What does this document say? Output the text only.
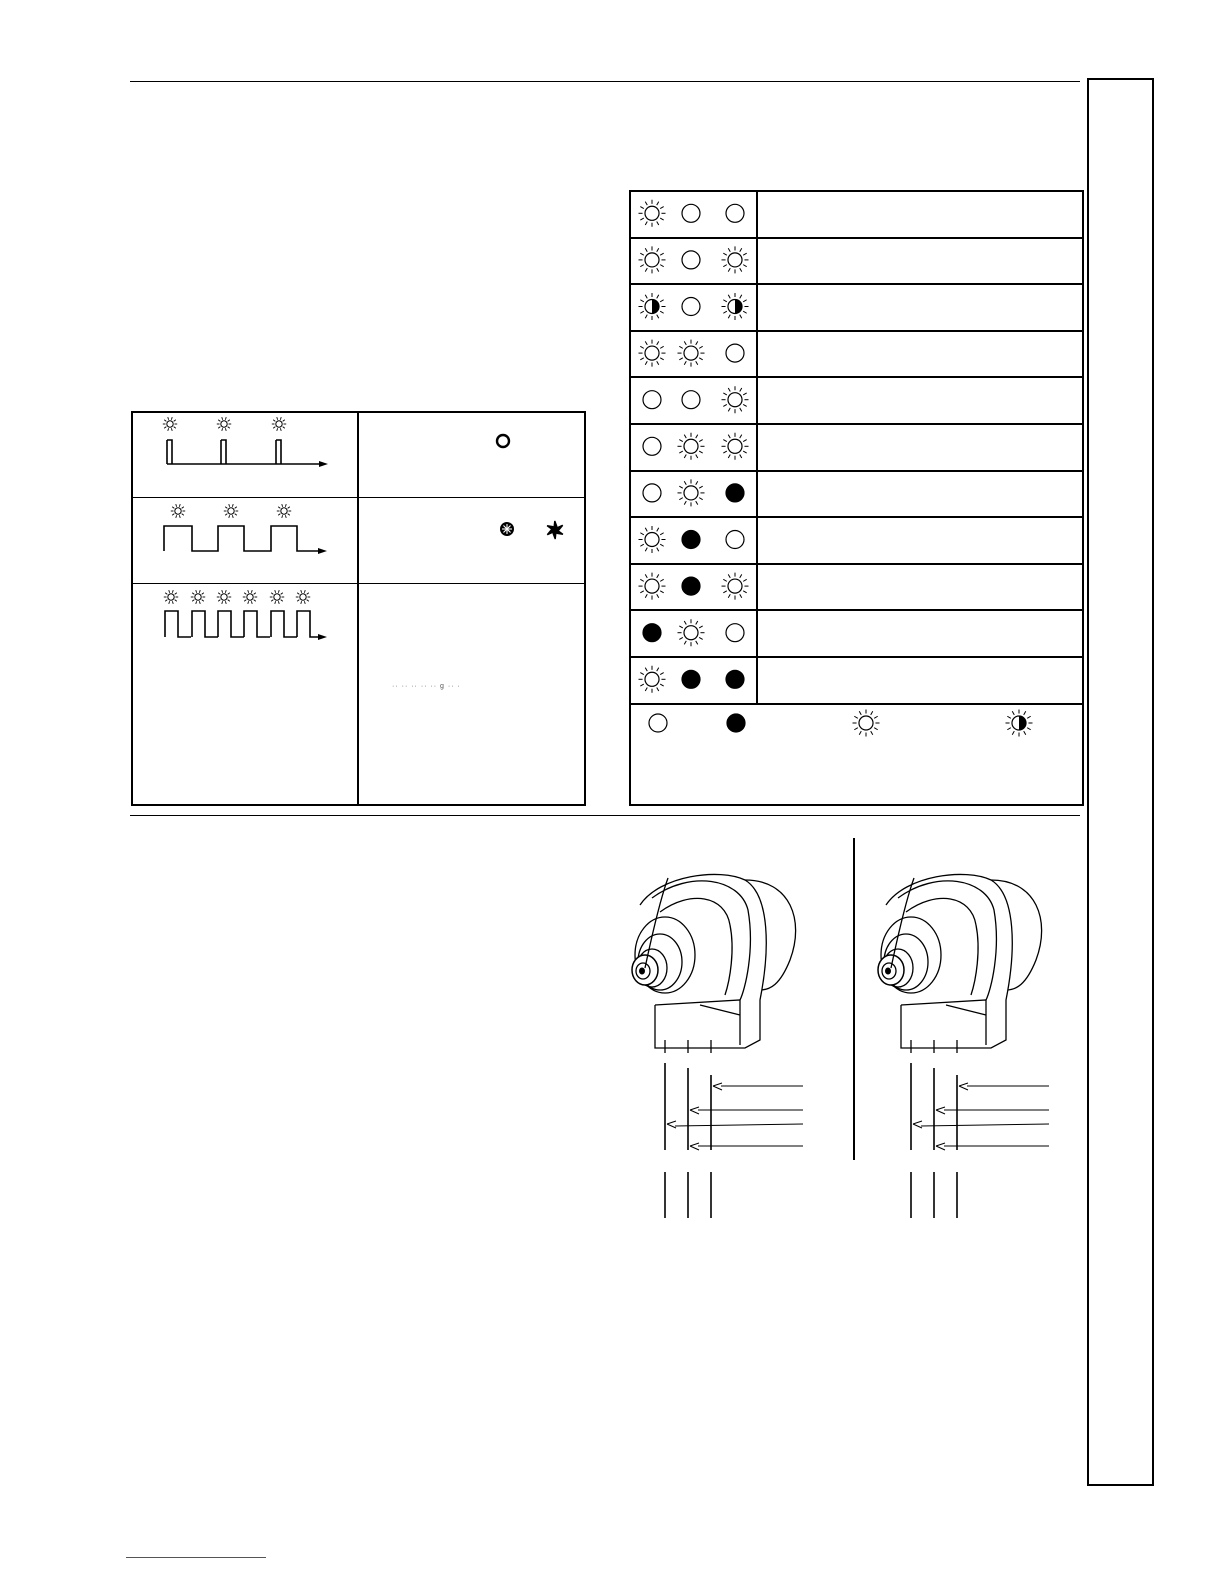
·· ·· ·· ·· ·· g ·· ·
